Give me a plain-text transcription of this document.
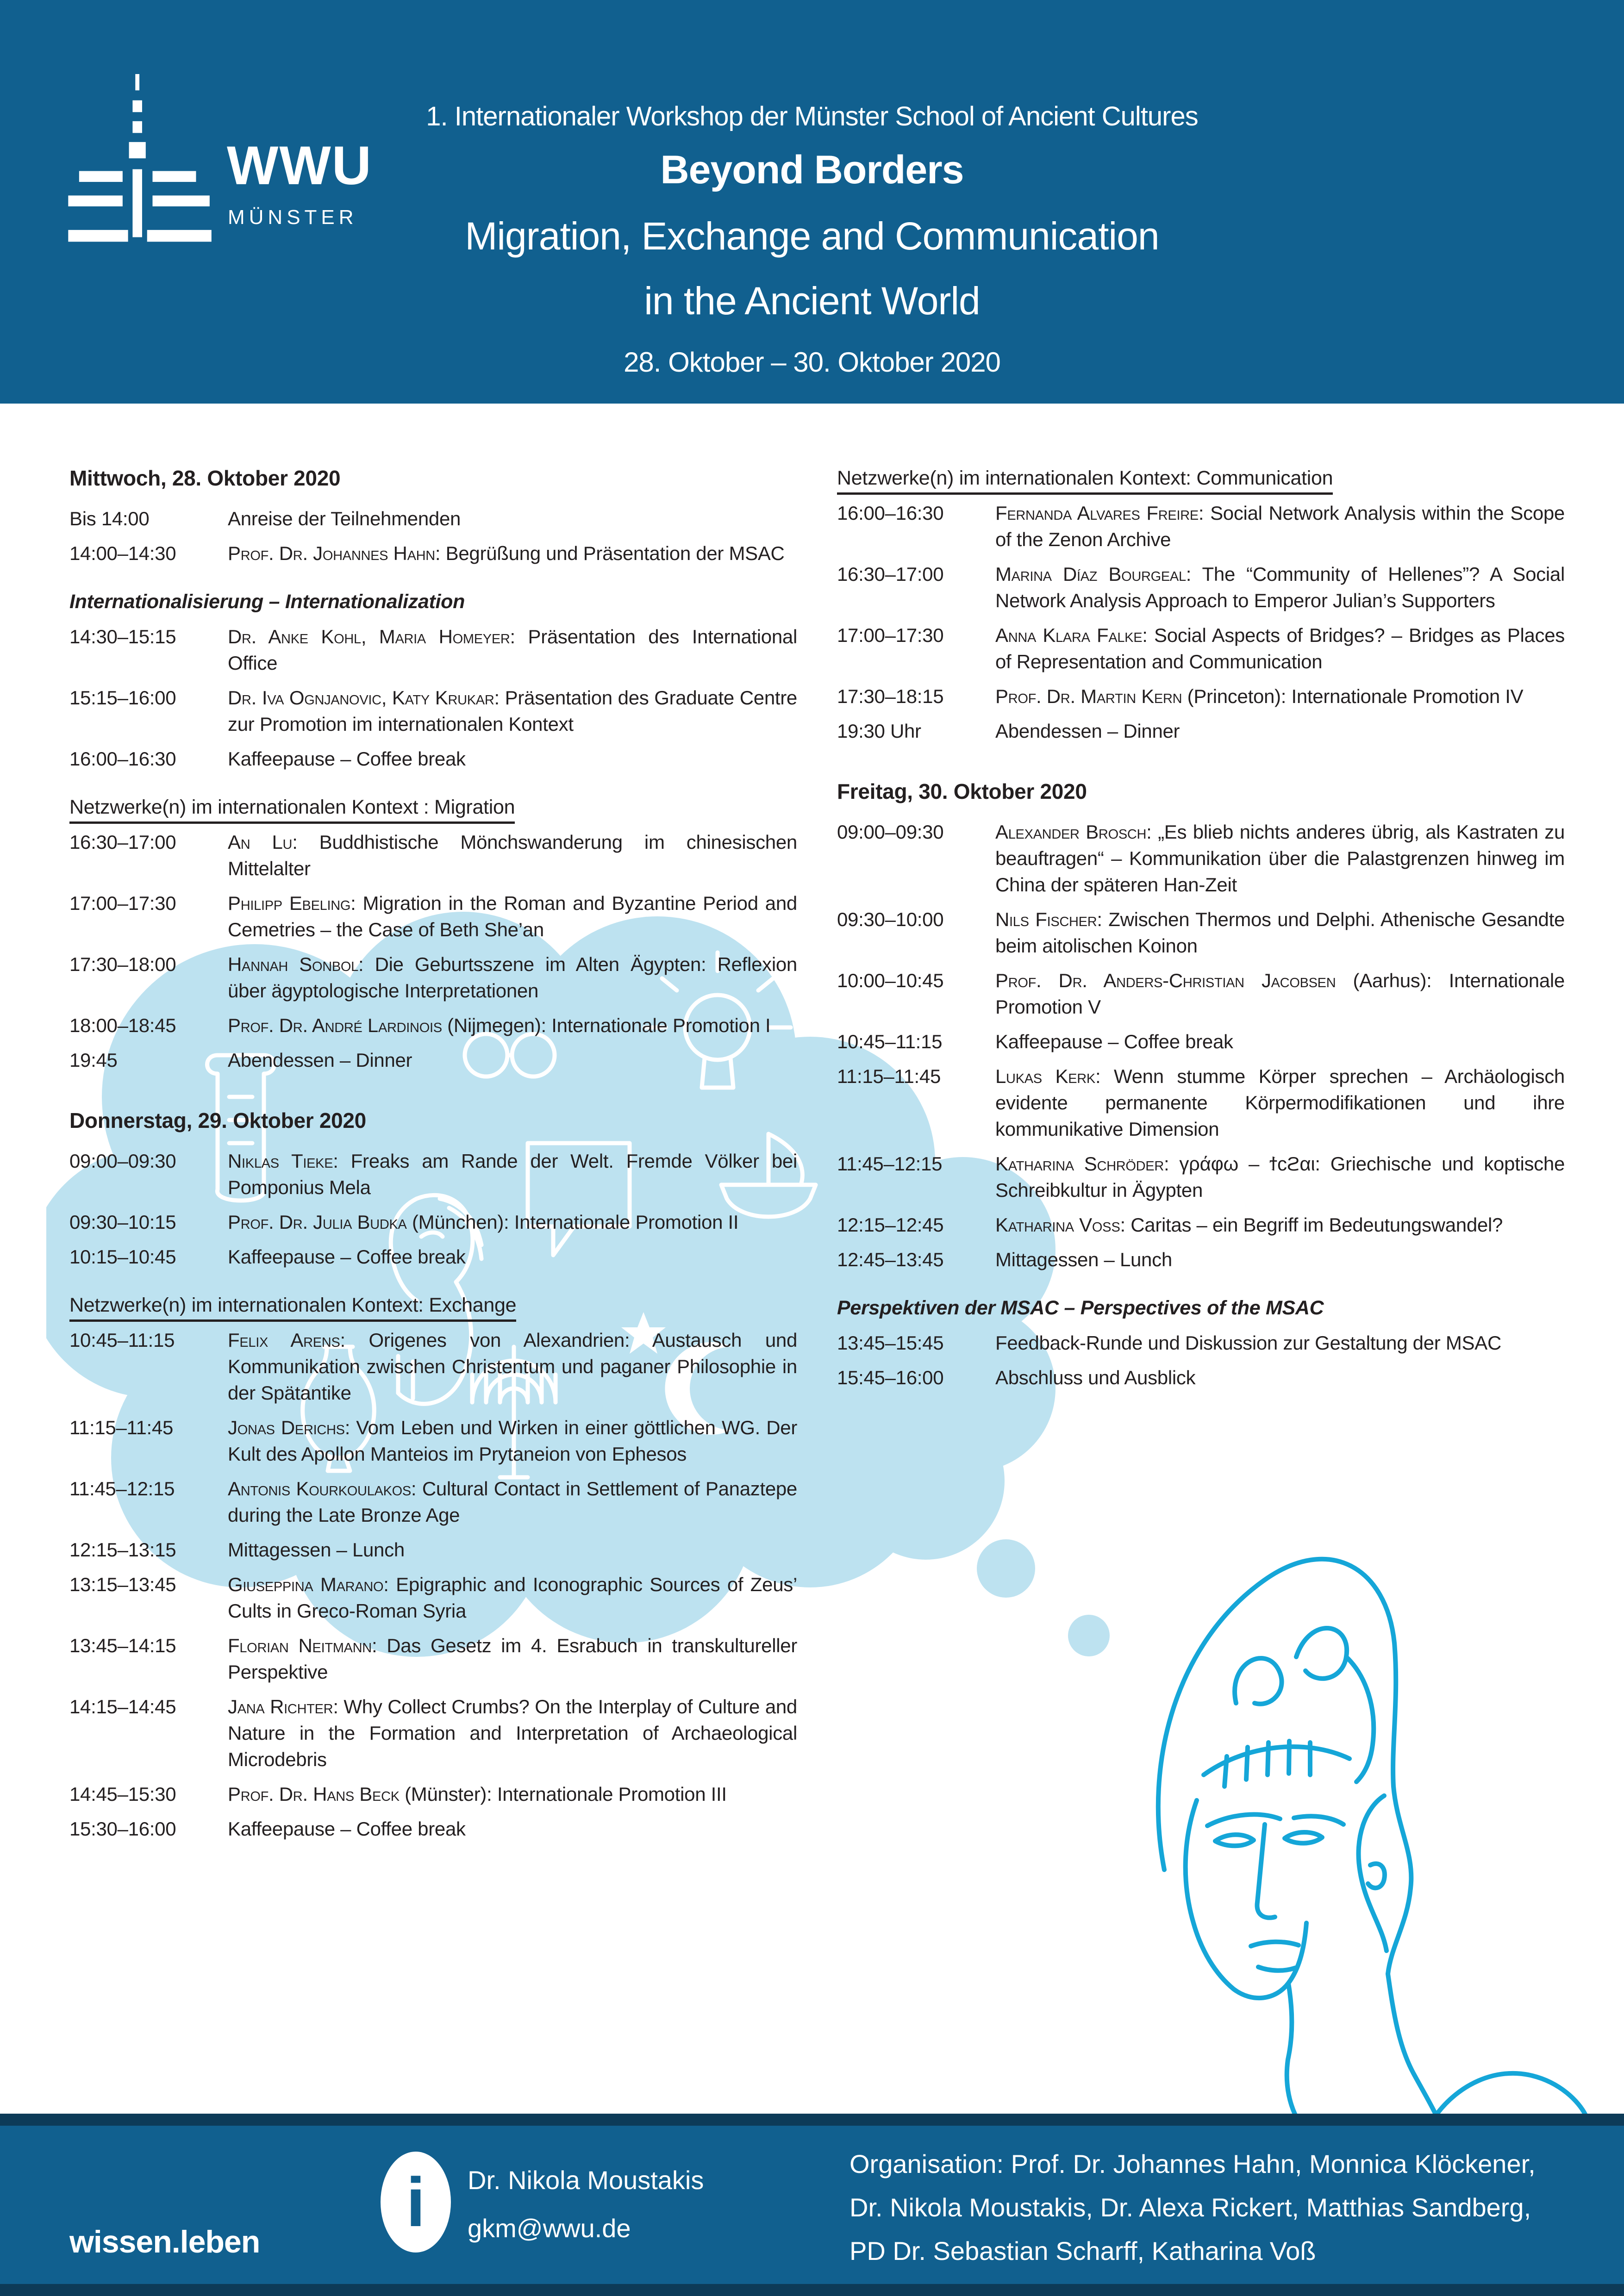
WWU
MÜNSTER
1. Internationaler Workshop der Münster School of Ancient Cultures
Beyond Borders
Migration, Exchange and Communication
in the Ancient World
28. Oktober – 30. Oktober 2020
Mittwoch, 28. Oktober 2020
Bis 14:00	Anreise der Teilnehmenden
14:00–14:30	Prof. Dr. Johannes Hahn: Begrüßung und Präsentation der MSAC
Internationalisierung – Internationalization
14:30–15:15	Dr. Anke Kohl, Maria Homeyer: Präsentation des International Office
15:15–16:00	Dr. Iva Ognjanovic, Katy Krukar: Präsentation des Graduate Centre zur Promotion im internationalen Kontext
16:00–16:30	Kaffeepause – Coffee break
Netzwerke(n) im internationalen Kontext : Migration
16:30–17:00	An Lu: Buddhistische Mönchswanderung im chinesischen Mittelalter
17:00–17:30	Philipp Ebeling: Migration in the Roman and Byzantine Period and Cemetries – the Case of Beth She’an
17:30–18:00	Hannah Sonbol: Die Geburtsszene im Alten Ägypten: Reflexion über ägyptologische Interpretationen
18:00–18:45	Prof. Dr. André Lardinois (Nijmegen): Internationale Promotion I
19:45	Abendessen – Dinner
Donnerstag, 29. Oktober 2020
09:00–09:30	Niklas Tieke: Freaks am Rande der Welt. Fremde Völker bei Pomponius Mela
09:30–10:15	Prof. Dr. Julia Budka (München): Internationale Promotion II
10:15–10:45	Kaffeepause – Coffee break
Netzwerke(n) im internationalen Kontext: Exchange
10:45–11:15	Felix Arens: Origenes von Alexandrien: Austausch und Kommunikation zwischen Christentum und paganer Philosophie in der Spätantike
11:15–11:45	Jonas Derichs: Vom Leben und Wirken in einer göttlichen WG. Der Kult des Apollon Manteios im Prytaneion von Ephesos
11:45–12:15	Antonis Kourkoulakos: Cultural Contact in Settlement of Panaztepe during the Late Bronze Age
12:15–13:15	Mittagessen – Lunch
13:15–13:45	Giuseppina Marano: Epigraphic and Iconographic Sources of Zeus’ Cults in Greco-Roman Syria
13:45–14:15	Florian Neitmann: Das Gesetz im 4. Esrabuch in transkultureller Perspektive
14:15–14:45	Jana Richter: Why Collect Crumbs? On the Interplay of Culture and Nature in the Formation and Interpretation of Archaeological Microdebris
14:45–15:30	Prof. Dr. Hans Beck (Münster): Internationale Promotion III
15:30–16:00	Kaffeepause – Coffee break
Netzwerke(n) im internationalen Kontext: Communication
16:00–16:30	Fernanda Alvares Freire: Social Network Analysis within the Scope of the Zenon Archive
16:30–17:00	Marina Díaz Bourgeal: The “Community of Hellenes”? A Social Network Analysis Approach to Emperor Julian’s Supporters
17:00–17:30	Anna Klara Falke: Social Aspects of Bridges? – Bridges as Places of Representation and Communication
17:30–18:15	Prof. Dr. Martin Kern (Princeton): Internationale Promotion IV
19:30 Uhr	Abendessen – Dinner
Freitag, 30. Oktober 2020
09:00–09:30	Alexander Brosch: „Es blieb nichts anderes übrig, als Kastraten zu beauftragen“ – Kommunikation über die Palastgrenzen hinweg im China der späteren Han-Zeit
09:30–10:00	Nils Fischer: Zwischen Thermos und Delphi. Athenische Gesandte beim aitolischen Koinon
10:00–10:45	Prof. Dr. Anders-Christian Jacobsen (Aarhus): Internationale Promotion V
10:45–11:15	Kaffeepause – Coffee break
11:15–11:45	Lukas Kerk: Wenn stumme Körper sprechen – Archäologisch evidente permanente Körpermodifikationen und ihre kommunikative Dimension
11:45–12:15	Katharina Schröder: γράφω – ϯϲϩαι: Griechische und koptische Schreibkultur in Ägypten
12:15–12:45	Katharina Voß: Caritas – ein Begriff im Bedeutungswandel?
12:45–13:45	Mittagessen – Lunch
Perspektiven der MSAC – Perspectives of the MSAC
13:45–15:45	Feedback-Runde und Diskussion zur Gestaltung der MSAC
15:45–16:00	Abschluss und Ausblick
wissen.leben
i Dr. Nikola Moustakis
gkm@wwu.de
Organisation: Prof. Dr. Johannes Hahn, Monnica Klöckener,
Dr. Nikola Moustakis, Dr. Alexa Rickert, Matthias Sandberg,
PD Dr. Sebastian Scharff, Katharina Voß
